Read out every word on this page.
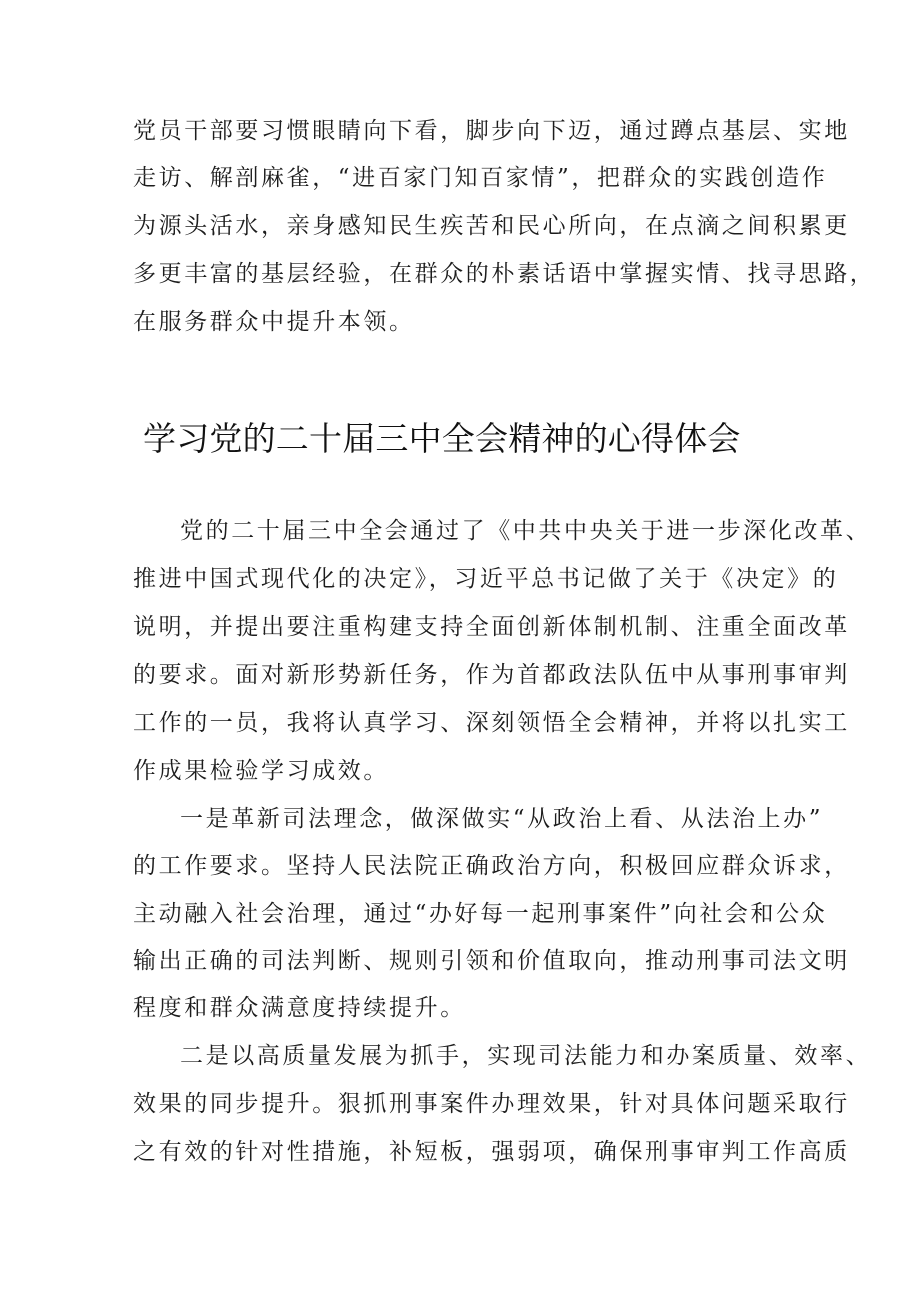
党员干部要习惯眼睛向下看，脚步向下迈，通过蹲点基层、实地
走访、解剖麻雀，“进百家门知百家情”，把群众的实践创造作
为源头活水，亲身感知民生疾苦和民心所向，在点滴之间积累更
多更丰富的基层经验，在群众的朴素话语中掌握实情、找寻思路，
在服务群众中提升本领。
学习党的二十届三中全会精神的心得体会
党的二十届三中全会通过了《中共中央关于进一步深化改革、
推进中国式现代化的决定》，习近平总书记做了关于《决定》的
说明，并提出要注重构建支持全面创新体制机制、注重全面改革
的要求。面对新形势新任务，作为首都政法队伍中从事刑事审判
工作的一员，我将认真学习、深刻领悟全会精神，并将以扎实工
作成果检验学习成效。
一是革新司法理念，做深做实“从政治上看、从法治上办”
的工作要求。坚持人民法院正确政治方向，积极回应群众诉求，
主动融入社会治理，通过“办好每一起刑事案件”向社会和公众
输出正确的司法判断、规则引领和价值取向，推动刑事司法文明
程度和群众满意度持续提升。
二是以高质量发展为抓手，实现司法能力和办案质量、效率、
效果的同步提升。狠抓刑事案件办理效果，针对具体问题采取行
之有效的针对性措施，补短板，强弱项，确保刑事审判工作高质
